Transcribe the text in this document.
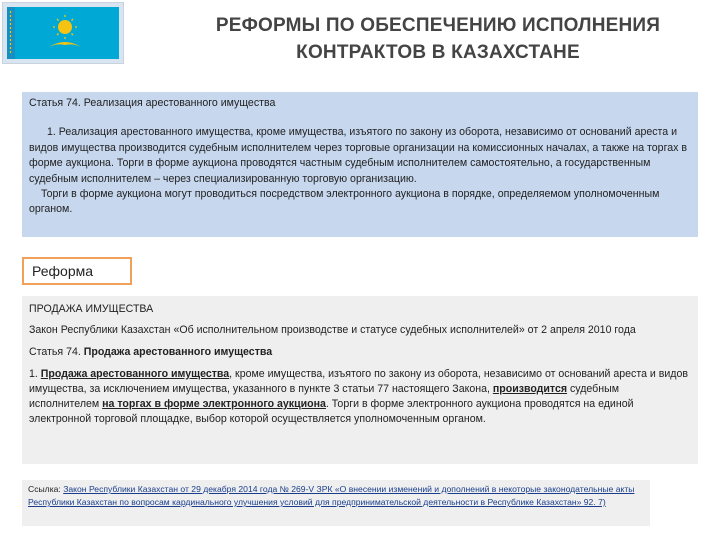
РЕФОРМЫ ПО ОБЕСПЕЧЕНИЮ ИСПОЛНЕНИЯ
КОНТРАКТОВ В КАЗАХСТАНЕ
Статья 74. Реализация арестованного имущества

1. Реализация арестованного имущества, кроме имущества, изъятого по закону из оборота, независимо от оснований ареста и видов имущества производится судебным исполнителем через торговые организации на комиссионных началах, а также на торгах в форме аукциона. Торги в форме аукциона проводятся частным судебным исполнителем самостоятельно, а государственным судебным исполнителем – через специализированную торговую организацию.

Торги в форме аукциона могут проводиться посредством электронного аукциона в порядке, определяемом уполномоченным органом.

Реформа

ПРОДАЖА ИМУЩЕСТВА

Закон Республики Казахстан «Об исполнительном производстве и статусе судебных исполнителей» от 2 апреля 2010 года

Статья 74. Продажа арестованного имущества

1. Продажа арестованного имущества, кроме имущества, изъятого по закону из оборота, независимо от оснований ареста и видов имущества, за исключением имущества, указанного в пункте 3 статьи 77 настоящего Закона, производится судебным исполнителем на торгах в форме электронного аукциона. Торги в форме электронного аукциона проводятся на единой электронной торговой площадке, выбор которой осуществляется уполномоченным органом.

Ссылка: Закон Республики Казахстан от 29 декабря 2014 года № 269-V ЗРК «О внесении изменений и дополнений в некоторые законодательные акты Республики Казахстан по вопросам кардинального улучшения условий для предпринимательской деятельности в Республике Казахстан» 92. 7)
